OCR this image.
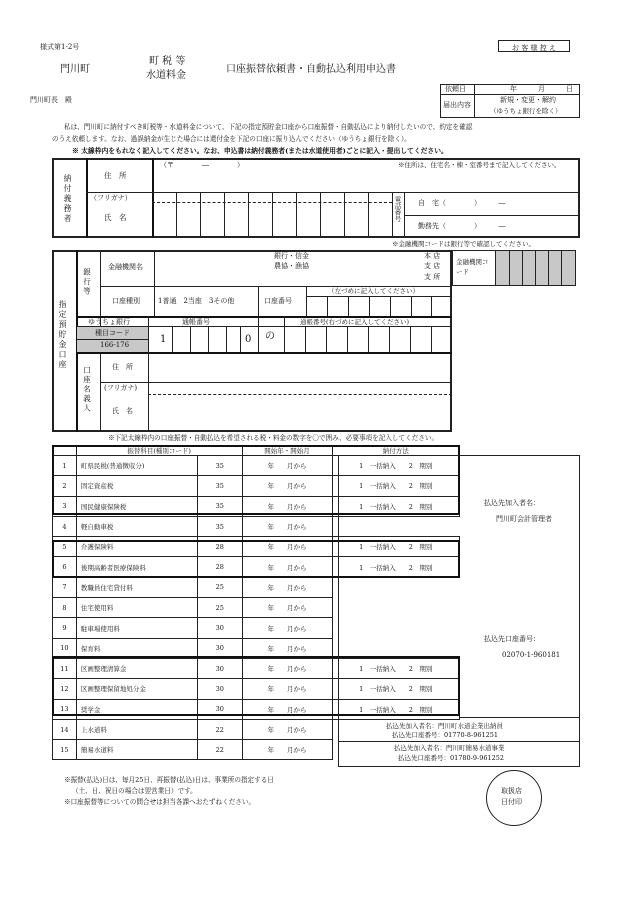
様式第1-2号	お 客 様 控 え
門川町
町 税 等
水道料金
口座振替依頼書・自動払込利用申込書
門川町長　殿
依頼日	年	月	日
届出内容
新規・変更・解約
（ゆうちょ銀行を除く）
私は、門川町に納付すべき町税等・水道料金について、下記の指定預貯金口座から口座振替・自動払込により納付したいので、約定を確認
のうえ依頼します。なお、過誤納金が生じた場合には還付金を下記の口座に振り込んでください（ゆうちょ銀行を除く）。
※ 太線枠内をもれなく記入してください。なお、申込書は納付義務者(または水道使用者)ごとに記入・提出してください。
納付義務者	住　所
（〒　　　　―　　　　）	※住所は、住宅名・棟・室番号まで記入してください。
（フリガナ）
氏　名	電話番号 自　宅（　　　　）　　　―
勤務先（　　　　）　　　―
※金融機関コードは銀行等で確認してください。
指定預貯金口座
銀行等
金融機関名
銀行・信金
農協・漁協
本 店
支 店
支 所
金融機関コード
口座種別	1普通　2当座　3その他	口座番号
（左づめに記入してください）
ゆうちょ銀行	通帳番号	通帳番号(右づめに記入してください)
種目コード
166-176	1	0 の
口座名義人	住　所
(フリガナ)
氏　名
※下記太線枠内の口座振替・自動払込を希望される税・料金の数字を〇で囲み、必要事項を記入してください。
	振替科目(種別コード)		開始年・開始月	納付方法
1	町県民税(普通徴収分)	35	年　　月から	1　一括納入　　2　期別
2	固定資産税	35	年　　月から	1　一括納入　　2　期別
3	国民健康保険税	35	年　　月から	1　一括納入　　2　期別
4	軽自動車税	35	年　　月から	
5	介護保険料	28	年　　月から	1　一括納入　　2　期別
6	後期高齢者医療保険料	28	年　　月から	1　一括納入　　2　期別
7	教職員住宅貸付料	25	年　　月から	
8	住宅使用料	25	年　　月から	
9	駐車場使用料	30	年　　月から	
10	保育料	30	年　　月から	
11	区画整理清算金	30	年　　月から	1　一括納入　　2　期別
12	区画整理保留地処分金	30	年　　月から	1　一括納入　　2　期別
13	奨学金	30	年　　月から	1　一括納入　　2　期別
14	上水道料	22	年　　月から	
15	簡易水道料	22	年　　月から	
払込先加入者名：
門川町会計管理者
払込先口座番号：
02070-1-960181
払込先加入者名：門川町水道企業出納員
払込先口座番号：01770-8-961251
払込先加入者名：門川町簡易水道事業
払込先口座番号：01780-9-961252
※振替(払込)日は、毎月25日、再振替(払込)日は、事業所の指定する日
（土、日、祝日の場合は翌営業日）です。
※口座振替等についての問合せは担当各課へおたずねください。
取扱店
日付印
